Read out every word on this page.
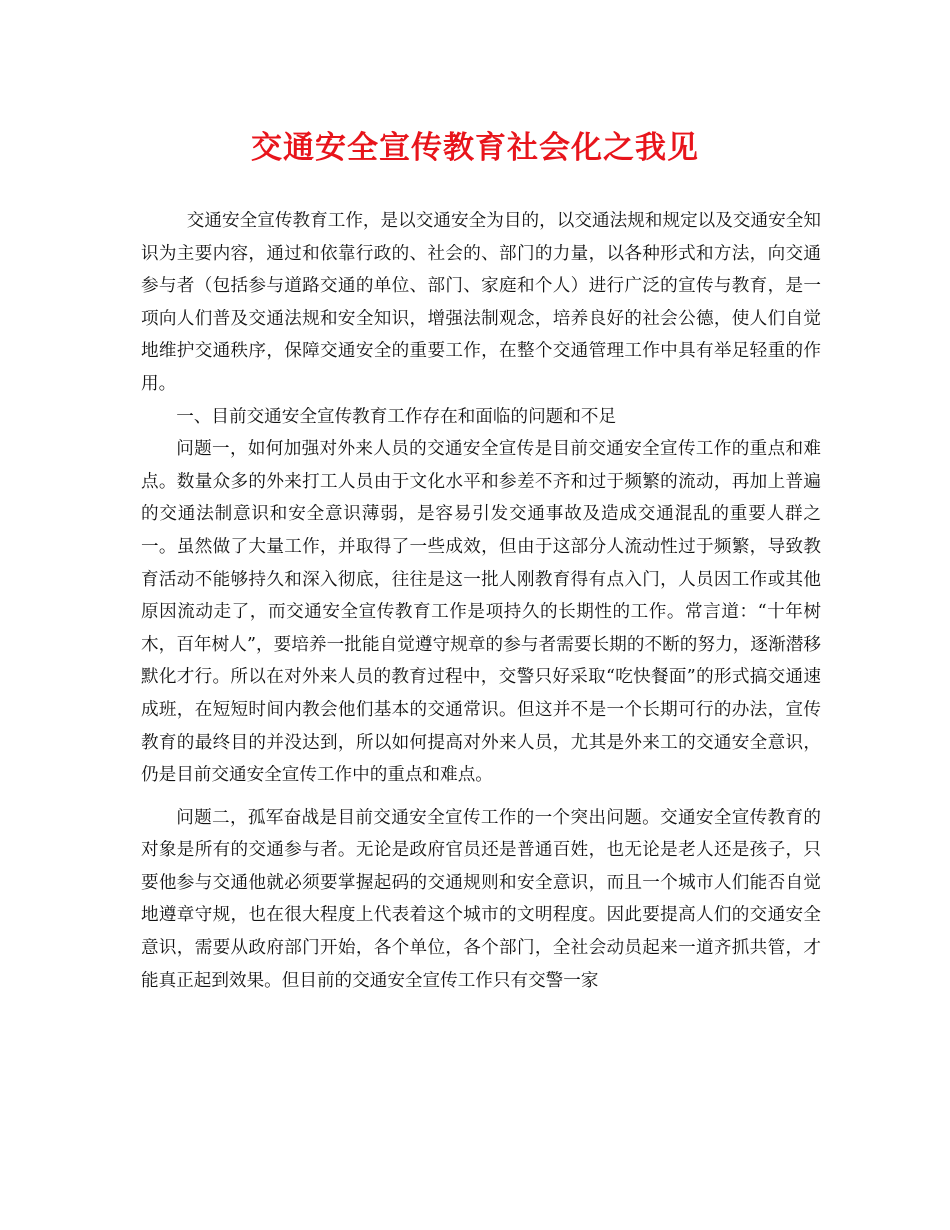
交通安全宣传教育社会化之我见

交通安全宣传教育工作，是以交通安全为目的，以交通法规和规定以及交通安全知识为主要内容，通过和依靠行政的、社会的、部门的力量，以各种形式和方法，向交通参与者（包括参与道路交通的单位、部门、家庭和个人）进行广泛的宣传与教育，是一项向人们普及交通法规和安全知识，增强法制观念，培养良好的社会公德，使人们自觉地维护交通秩序，保障交通安全的重要工作，在整个交通管理工作中具有举足轻重的作用。

一、目前交通安全宣传教育工作存在和面临的问题和不足

问题一，如何加强对外来人员的交通安全宣传是目前交通安全宣传工作的重点和难点。数量众多的外来打工人员由于文化水平和参差不齐和过于频繁的流动，再加上普遍的交通法制意识和安全意识薄弱，是容易引发交通事故及造成交通混乱的重要人群之一。虽然做了大量工作，并取得了一些成效，但由于这部分人流动性过于频繁，导致教育活动不能够持久和深入彻底，往往是这一批人刚教育得有点入门，人员因工作或其他原因流动走了，而交通安全宣传教育工作是项持久的长期性的工作。常言道：“十年树木，百年树人”，要培养一批能自觉遵守规章的参与者需要长期的不断的努力，逐渐潜移默化才行。所以在对外来人员的教育过程中，交警只好采取“吃快餐面”的形式搞交通速成班，在短短时间内教会他们基本的交通常识。但这并不是一个长期可行的办法，宣传教育的最终目的并没达到，所以如何提高对外来人员，尤其是外来工的交通安全意识，仍是目前交通安全宣传工作中的重点和难点。

问题二，孤军奋战是目前交通安全宣传工作的一个突出问题。交通安全宣传教育的对象是所有的交通参与者。无论是政府官员还是普通百姓，也无论是老人还是孩子，只要他参与交通他就必须要掌握起码的交通规则和安全意识，而且一个城市人们能否自觉地遵章守规，也在很大程度上代表着这个城市的文明程度。因此要提高人们的交通安全意识，需要从政府部门开始，各个单位，各个部门，全社会动员起来一道齐抓共管，才能真正起到效果。但目前的交通安全宣传工作只有交警一家
